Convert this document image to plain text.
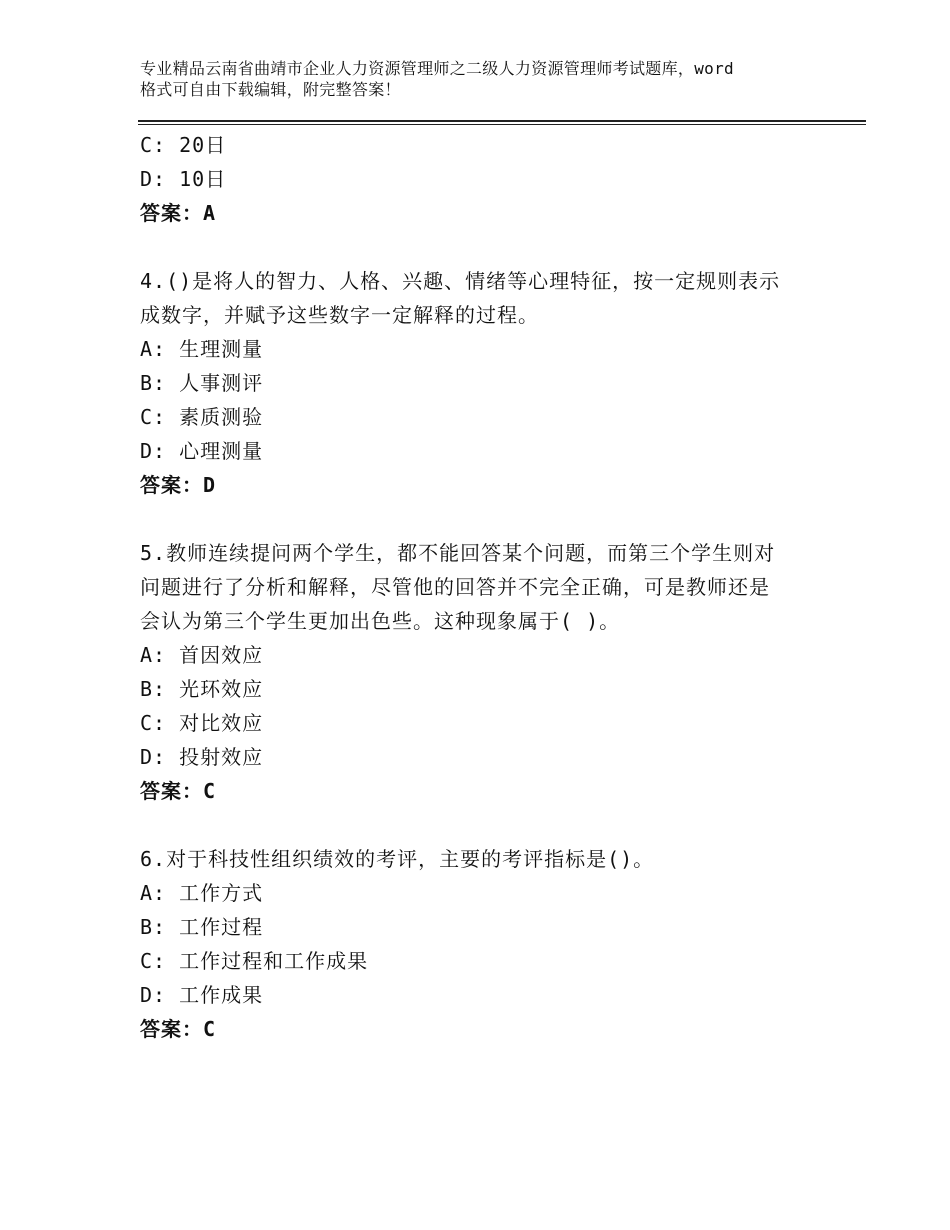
专业精品云南省曲靖市企业人力资源管理师之二级人力资源管理师考试题库，word
格式可自由下载编辑，附完整答案！
C: 20日
D: 10日
答案：A
4.()是将人的智力、人格、兴趣、情绪等心理特征，按一定规则表示
成数字，并赋予这些数字一定解释的过程。
A: 生理测量
B: 人事测评
C: 素质测验
D: 心理测量
答案：D
5.教师连续提问两个学生，都不能回答某个问题，而第三个学生则对
问题进行了分析和解释，尽管他的回答并不完全正确，可是教师还是
会认为第三个学生更加出色些。这种现象属于( )。
A: 首因效应
B: 光环效应
C: 对比效应
D: 投射效应
答案：C
6.对于科技性组织绩效的考评，主要的考评指标是()。
A: 工作方式
B: 工作过程
C: 工作过程和工作成果
D: 工作成果
答案：C
